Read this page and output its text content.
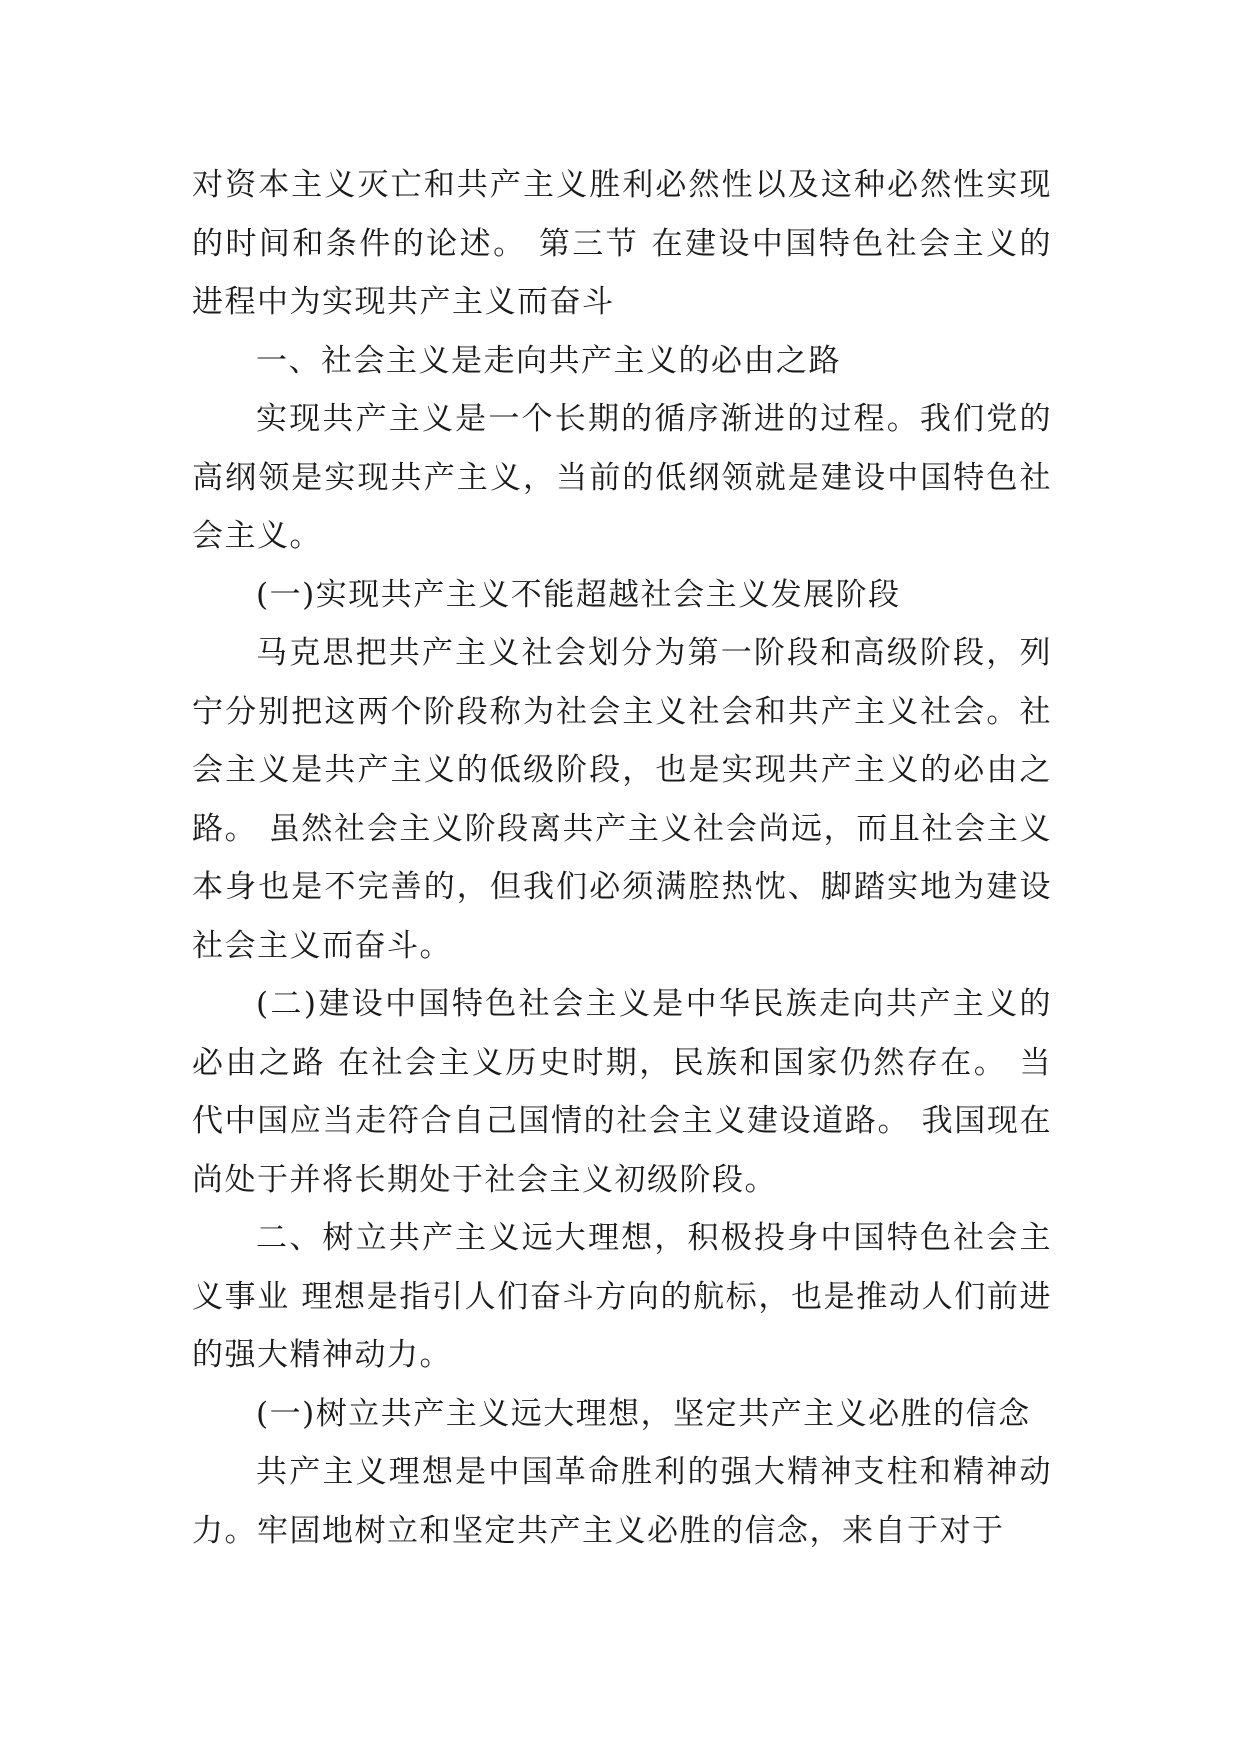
对资本主义灭亡和共产主义胜利必然性以及这种必然性实现的时间和条件的论述。 第三节 在建设中国特色社会主义的进程中为实现共产主义而奋斗

一、社会主义是走向共产主义的必由之路

实现共产主义是一个长期的循序渐进的过程。我们党的高纲领是实现共产主义，当前的低纲领就是建设中国特色社会主义。

(一)实现共产主义不能超越社会主义发展阶段

马克思把共产主义社会划分为第一阶段和高级阶段，列宁分别把这两个阶段称为社会主义社会和共产主义社会。社会主义是共产主义的低级阶段，也是实现共产主义的必由之路。 虽然社会主义阶段离共产主义社会尚远，而且社会主义本身也是不完善的，但我们必须满腔热忱、脚踏实地为建设社会主义而奋斗。

(二)建设中国特色社会主义是中华民族走向共产主义的必由之路 在社会主义历史时期，民族和国家仍然存在。 当代中国应当走符合自己国情的社会主义建设道路。 我国现在尚处于并将长期处于社会主义初级阶段。

二、树立共产主义远大理想，积极投身中国特色社会主义事业 理想是指引人们奋斗方向的航标，也是推动人们前进的强大精神动力。

(一)树立共产主义远大理想，坚定共产主义必胜的信念

共产主义理想是中国革命胜利的强大精神支柱和精神动力。牢固地树立和坚定共产主义必胜的信念，来自于对于
